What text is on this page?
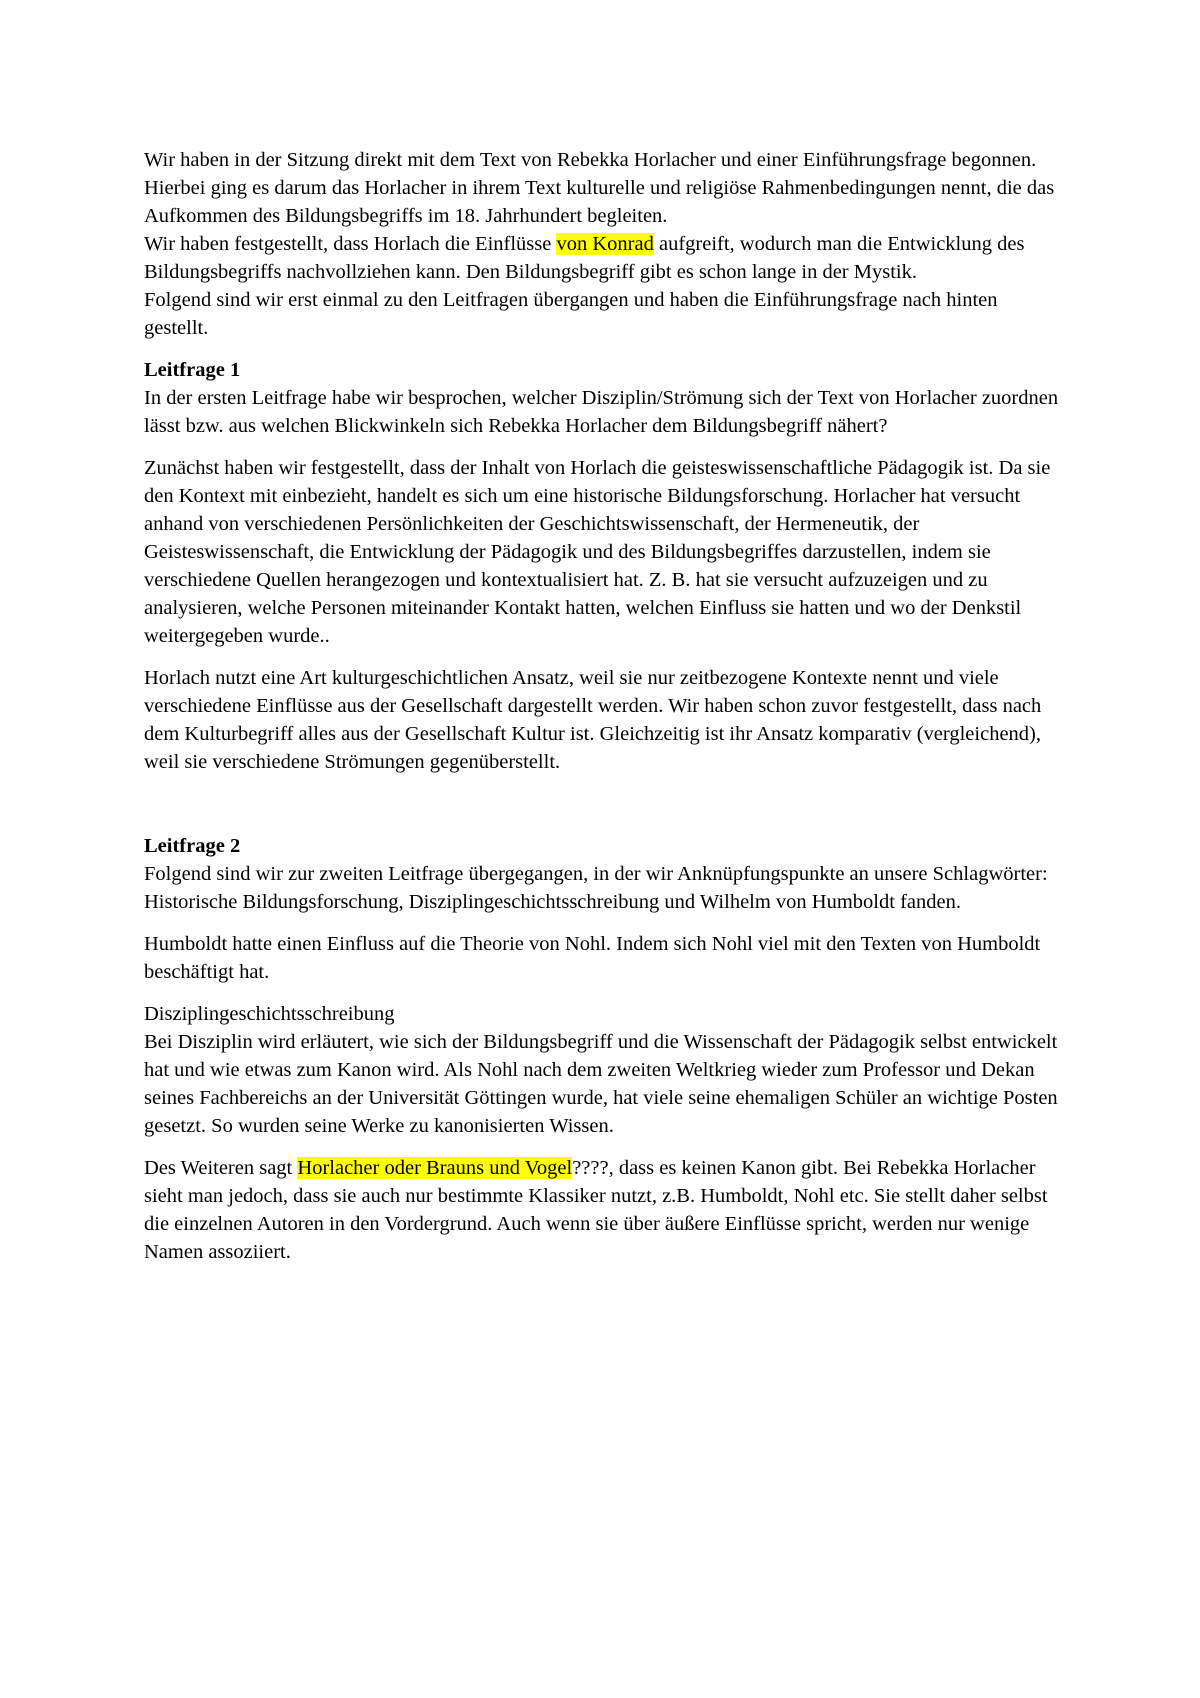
Wir haben in der Sitzung direkt mit dem Text von Rebekka Horlacher und einer Einführungsfrage begonnen. Hierbei ging es darum das Horlacher in ihrem Text kulturelle und religiöse Rahmenbedingungen nennt, die das Aufkommen des Bildungsbegriffs im 18. Jahrhundert begleiten.

Wir haben festgestellt, dass Horlach die Einflüsse von Konrad aufgreift, wodurch man die Entwicklung des Bildungsbegriffs nachvollziehen kann. Den Bildungsbegriff gibt es schon lange in der Mystik.

Folgend sind wir erst einmal zu den Leitfragen übergangen und haben die Einführungsfrage nach hinten gestellt.

Leitfrage 1

In der ersten Leitfrage habe wir besprochen, welcher Disziplin/Strömung sich der Text von Horlacher zuordnen lässt bzw. aus welchen Blickwinkeln sich Rebekka Horlacher dem Bildungsbegriff nähert?

Zunächst haben wir festgestellt, dass der Inhalt von Horlach die geisteswissenschaftliche Pädagogik ist. Da sie den Kontext mit einbezieht, handelt es sich um eine historische Bildungsforschung. Horlacher hat versucht anhand von verschiedenen Persönlichkeiten der Geschichtswissenschaft, der Hermeneutik, der Geisteswissenschaft, die Entwicklung der Pädagogik und des Bildungsbegriffes darzustellen, indem sie verschiedene Quellen herangezogen und kontextualisiert hat. Z. B. hat sie versucht aufzuzeigen und zu analysieren, welche Personen miteinander Kontakt hatten, welchen Einfluss sie hatten und wo der Denkstil weitergegeben wurde..

Horlach nutzt eine Art kulturgeschichtlichen Ansatz, weil sie nur zeitbezogene Kontexte nennt und viele verschiedene Einflüsse aus der Gesellschaft dargestellt werden. Wir haben schon zuvor festgestellt, dass nach dem Kulturbegriff alles aus der Gesellschaft Kultur ist. Gleichzeitig ist ihr Ansatz komparativ (vergleichend), weil sie verschiedene Strömungen gegenüberstellt.

Leitfrage 2

Folgend sind wir zur zweiten Leitfrage übergegangen, in der wir Anknüpfungspunkte an unsere Schlagwörter:

Historische Bildungsforschung, Disziplingeschichtsschreibung und Wilhelm von Humboldt fanden.

Humboldt hatte einen Einfluss auf die Theorie von Nohl. Indem sich Nohl viel mit den Texten von Humboldt beschäftigt hat.

Disziplingeschichtsschreibung

Bei Disziplin wird erläutert, wie sich der Bildungsbegriff und die Wissenschaft der Pädagogik selbst entwickelt hat und wie etwas zum Kanon wird. Als Nohl nach dem zweiten Weltkrieg wieder zum Professor und Dekan seines Fachbereichs an der Universität Göttingen wurde, hat viele seine ehemaligen Schüler an wichtige Posten gesetzt. So wurden seine Werke zu kanonisierten Wissen.

Des Weiteren sagt Horlacher oder Brauns und Vogel????, dass es keinen Kanon gibt. Bei Rebekka Horlacher sieht man jedoch, dass sie auch nur bestimmte Klassiker nutzt, z.B. Humboldt, Nohl etc. Sie stellt daher selbst die einzelnen Autoren in den Vordergrund. Auch wenn sie über äußere Einflüsse spricht, werden nur wenige Namen assoziiert.
